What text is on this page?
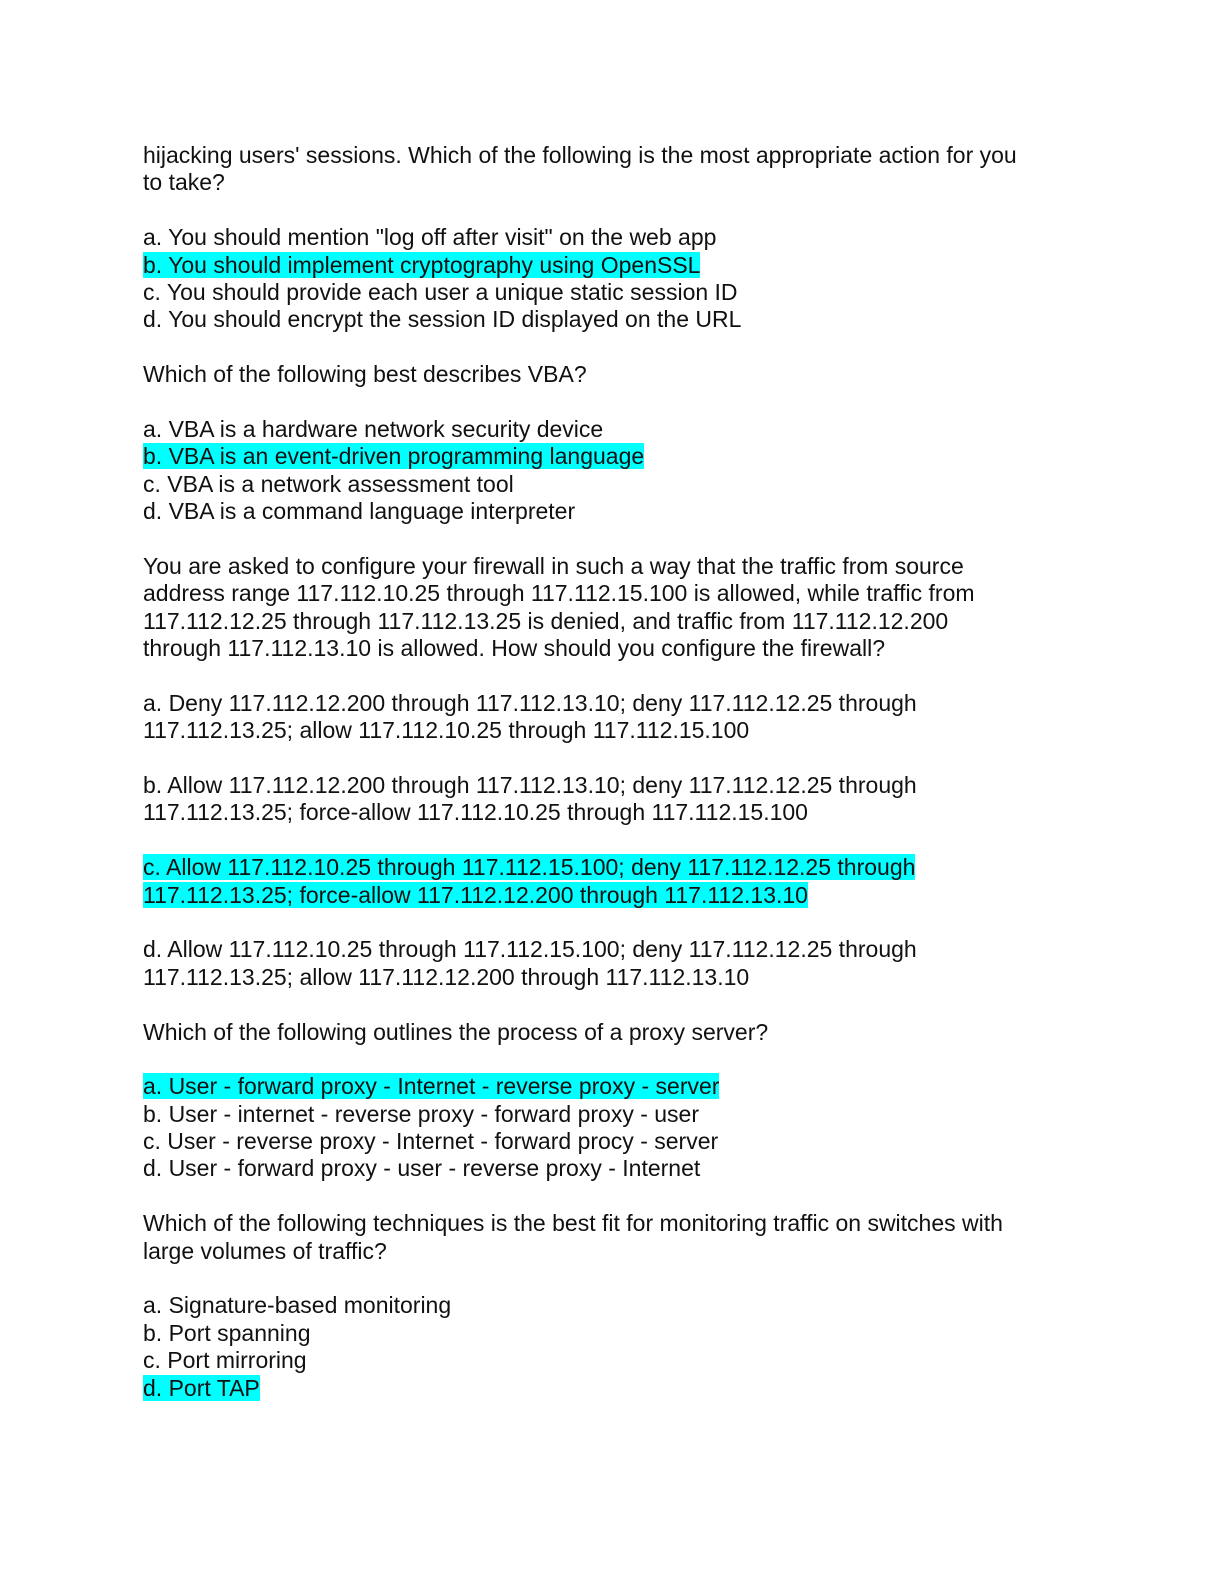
hijacking users' sessions. Which of the following is the most appropriate action for you
to take?
a. You should mention "log off after visit" on the web app
b. You should implement cryptography using OpenSSL
c. You should provide each user a unique static session ID
d. You should encrypt the session ID displayed on the URL
Which of the following best describes VBA?
a. VBA is a hardware network security device
b. VBA is an event-driven programming language
c. VBA is a network assessment tool
d. VBA is a command language interpreter
You are asked to configure your firewall in such a way that the traffic from source
address range 117.112.10.25 through 117.112.15.100 is allowed, while traffic from
117.112.12.25 through 117.112.13.25 is denied, and traffic from 117.112.12.200
through 117.112.13.10 is allowed. How should you configure the firewall?
a. Deny 117.112.12.200 through 117.112.13.10; deny 117.112.12.25 through
117.112.13.25; allow 117.112.10.25 through 117.112.15.100
b. Allow 117.112.12.200 through 117.112.13.10; deny 117.112.12.25 through
117.112.13.25; force-allow 117.112.10.25 through 117.112.15.100
c. Allow 117.112.10.25 through 117.112.15.100; deny 117.112.12.25 through
117.112.13.25; force-allow 117.112.12.200 through 117.112.13.10
d. Allow 117.112.10.25 through 117.112.15.100; deny 117.112.12.25 through
117.112.13.25; allow 117.112.12.200 through 117.112.13.10
Which of the following outlines the process of a proxy server?
a. User - forward proxy - Internet - reverse proxy - server
b. User - internet - reverse proxy - forward proxy - user
c. User - reverse proxy - Internet - forward procy - server
d. User - forward proxy - user - reverse proxy - Internet
Which of the following techniques is the best fit for monitoring traffic on switches with
large volumes of traffic?
a. Signature-based monitoring
b. Port spanning
c. Port mirroring
d. Port TAP
